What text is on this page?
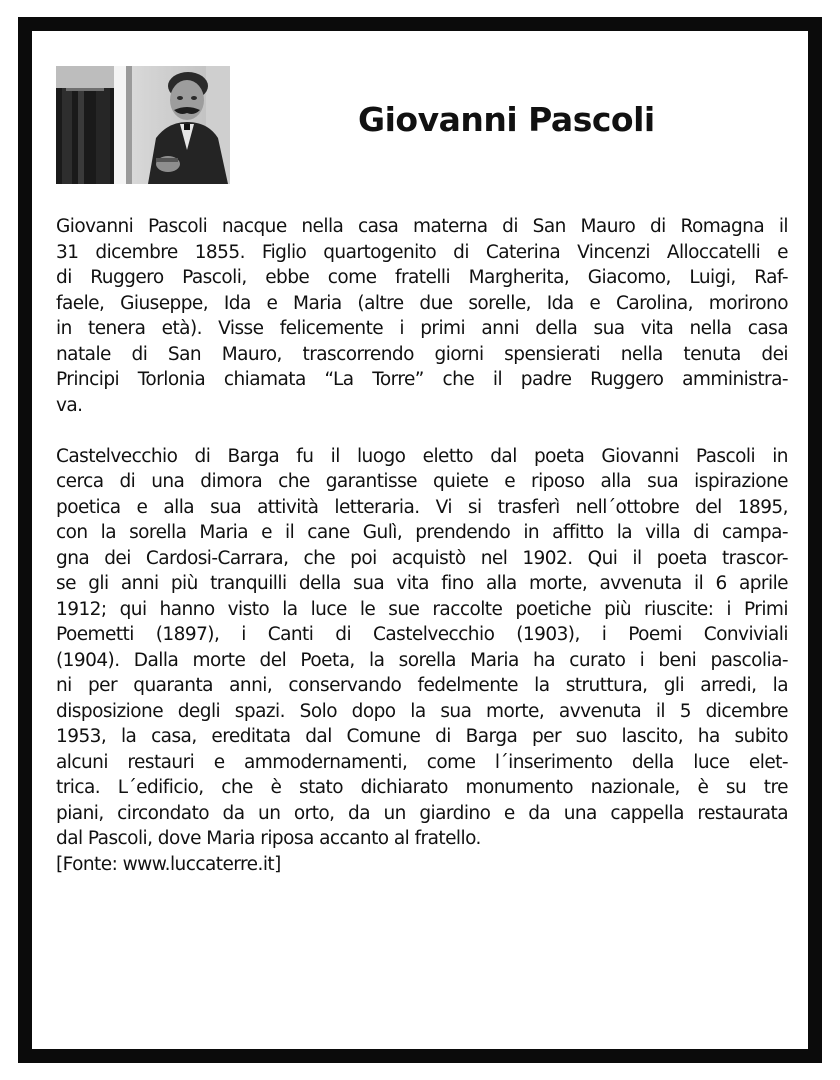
Giovanni Pascoli
Giovanni Pascoli nacque nella casa materna di San Mauro di Romagna il
31 dicembre 1855. Figlio quartogenito di Caterina Vincenzi Alloccatelli e
di Ruggero Pascoli, ebbe come fratelli Margherita, Giacomo, Luigi, Raf-
faele, Giuseppe, Ida e Maria (altre due sorelle, Ida e Carolina, morirono
in tenera età). Visse felicemente i primi anni della sua vita nella casa
natale di San Mauro, trascorrendo giorni spensierati nella tenuta dei
Principi Torlonia chiamata “La Torre” che il padre Ruggero amministra-
va.
Castelvecchio di Barga fu il luogo eletto dal poeta Giovanni Pascoli in
cerca di una dimora che garantisse quiete e riposo alla sua ispirazione
poetica e alla sua attività letteraria. Vi si trasferì nell´ottobre del 1895,
con la sorella Maria e il cane Gulì, prendendo in affitto la villa di campa-
gna dei Cardosi-Carrara, che poi acquistò nel 1902. Qui il poeta trascor-
se gli anni più tranquilli della sua vita fino alla morte, avvenuta il 6 aprile
1912; qui hanno visto la luce le sue raccolte poetiche più riuscite: i Primi
Poemetti (1897), i Canti di Castelvecchio (1903), i Poemi Conviviali
(1904). Dalla morte del Poeta, la sorella Maria ha curato i beni pascolia-
ni per quaranta anni, conservando fedelmente la struttura, gli arredi, la
disposizione degli spazi. Solo dopo la sua morte, avvenuta il 5 dicembre
1953, la casa, ereditata dal Comune di Barga per suo lascito, ha subito
alcuni restauri e ammodernamenti, come l´inserimento della luce elet-
trica. L´edificio, che è stato dichiarato monumento nazionale, è su tre
piani, circondato da un orto, da un giardino e da una cappella restaurata
dal Pascoli, dove Maria riposa accanto al fratello.
[Fonte: www.luccaterre.it]
